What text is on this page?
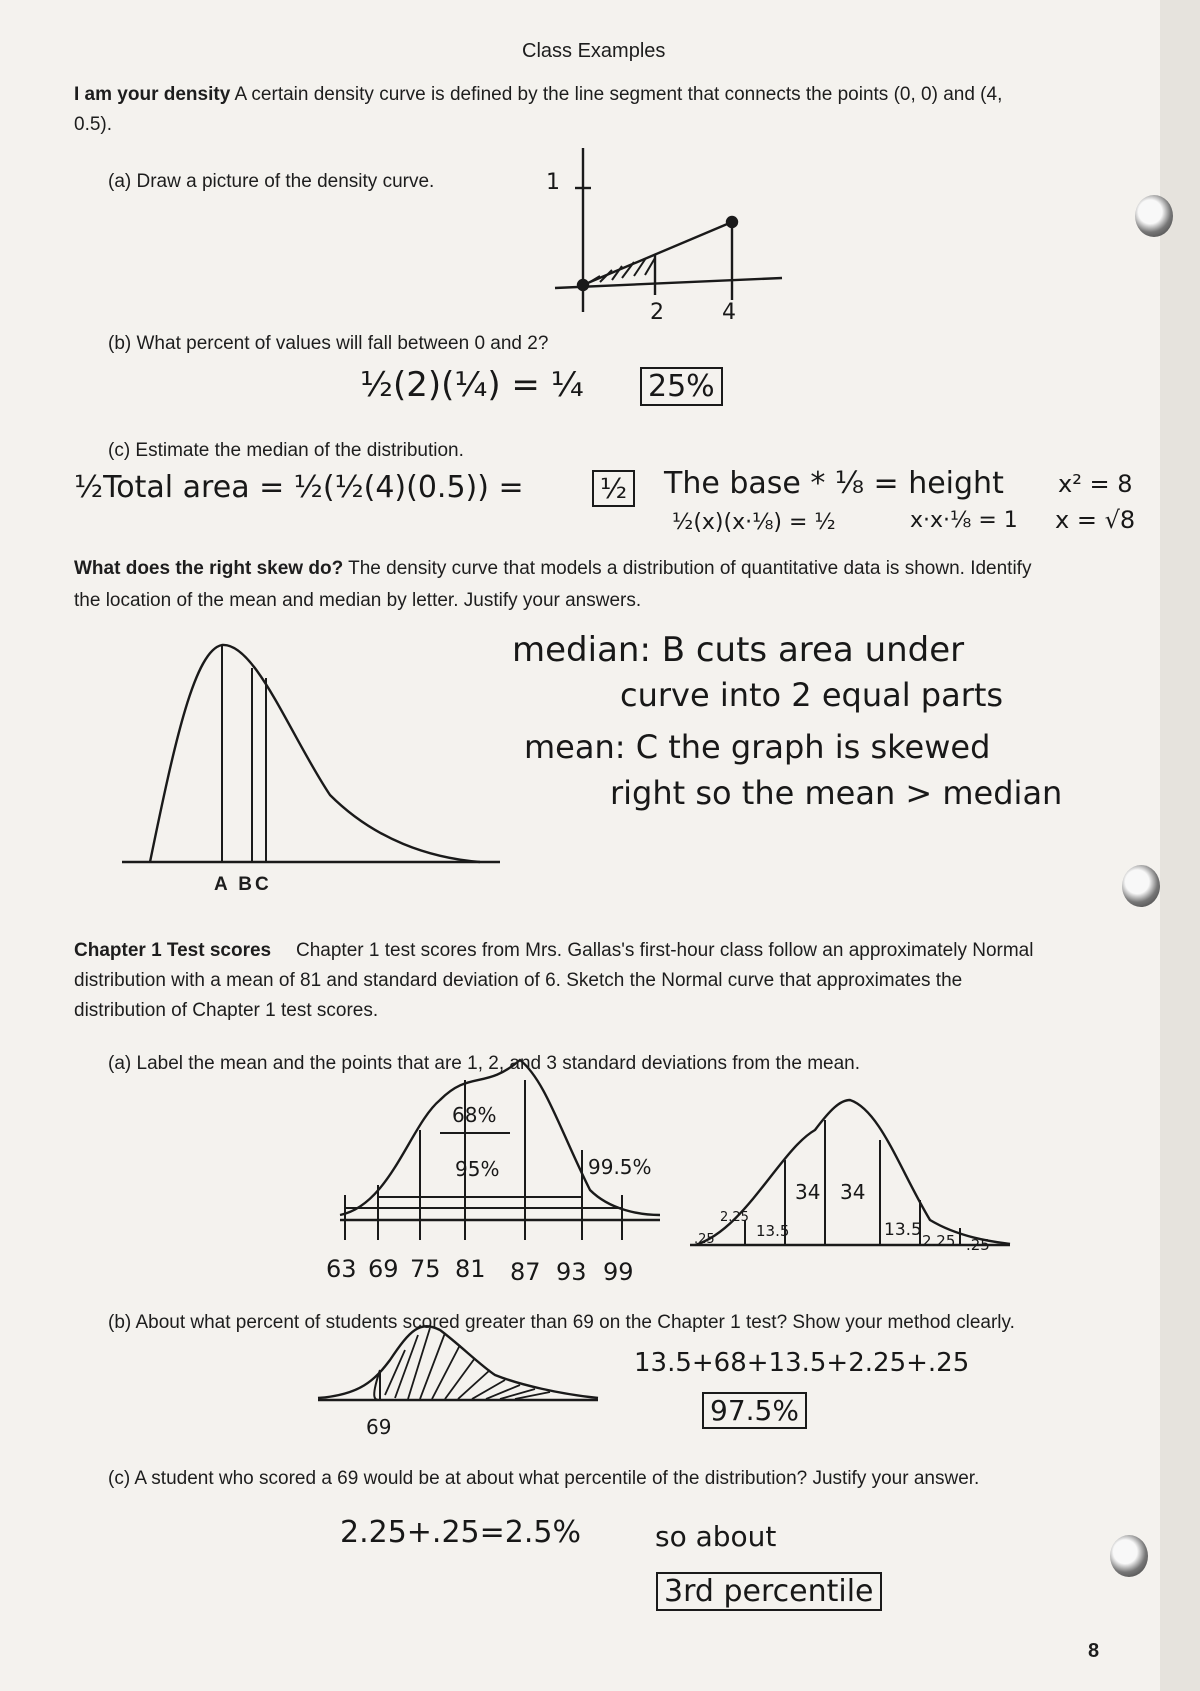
Class Examples
I am your density A certain density curve is defined by the line segment that connects the points (0, 0) and (4,
0.5).
(a) Draw a picture of the density curve.	1
2	4
(b) What percent of values will fall between 0 and 2?
½(2)(¼) = ¼ 25%
(c) Estimate the median of the distribution.
½Total area = ½(½(4)(0.5)) =	½ The base * ⅛ = height
½(x)(x·⅛) = ½	x·x·⅛ = 1
x² = 8
x = √8
What does the right skew do? The density curve that models a distribution of quantitative data is shown. Identify
the location of the mean and median by letter. Justify your answers.
A BC
median: B cuts area under
curve into 2 equal parts
mean: C the graph is skewed
right so the mean > median
Chapter 1 Test scores	Chapter 1 test scores from Mrs. Gallas's first-hour class follow an approximately Normal
distribution with a mean of 81 and standard deviation of 6. Sketch the Normal curve that approximates the
distribution of Chapter 1 test scores.
(a) Label the mean and the points that are 1, 2, and 3 standard deviations from the mean.
68%
95%	99.5%
63 69 75 81 87 93 99
34 34
13.5	13.5
2.25
2.25
.25	.25
(b) About what percent of students scored greater than 69 on the Chapter 1 test? Show your method clearly.
13.5+68+13.5+2.25+.25
97.5%
69
(c) A student who scored a 69 would be at about what percentile of the distribution? Justify your answer.
2.25+.25=2.5%	so about
3rd percentile
8
